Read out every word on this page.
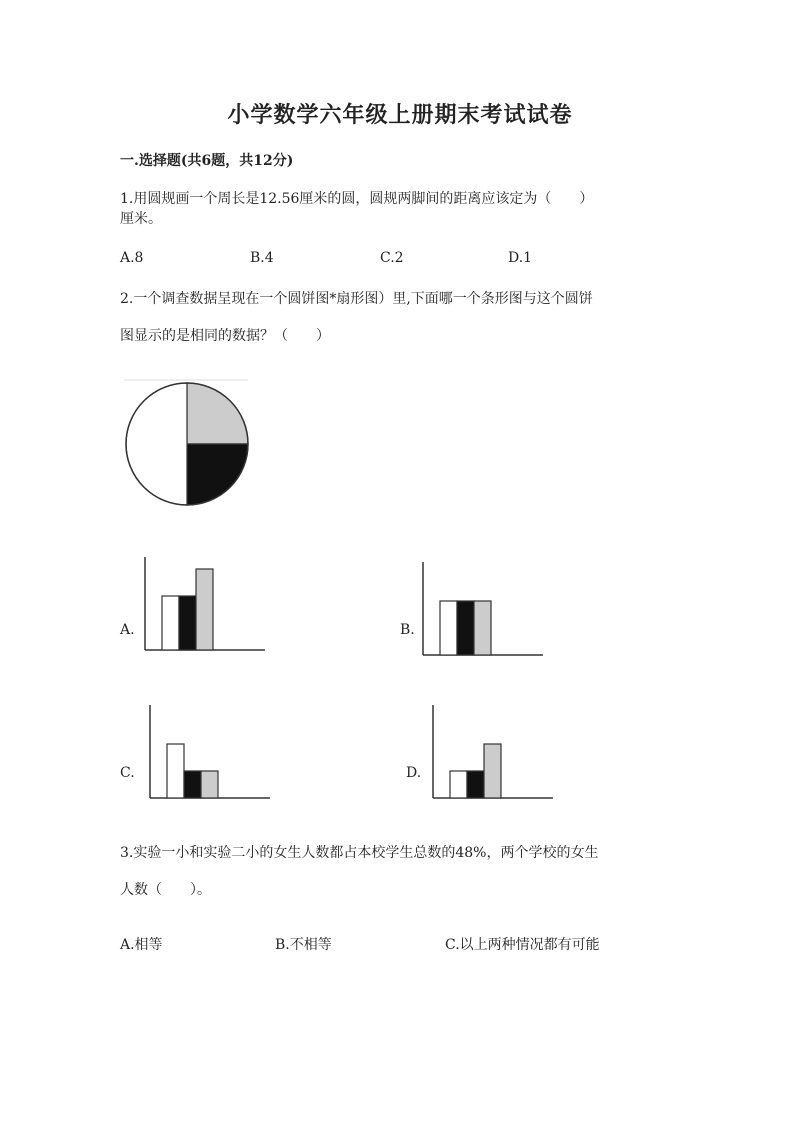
小学数学六年级上册期末考试试卷
一.选择题(共6题，共12分)
1.用圆规画一个周长是12.56厘米的圆，圆规两脚间的距离应该定为（　　）
厘米。
A.8	B.4	C.2	D.1
2.一个调查数据呈现在一个圆饼图*扇形图）里,下面哪一个条形图与这个圆饼
图显示的是相同的数据？（　　）
A.	B.
C.	D.
3.实验一小和实验二小的女生人数都占本校学生总数的48%，两个学校的女生
人数（　　）。
A.相等	B.不相等	C.以上两种情况都有可能
